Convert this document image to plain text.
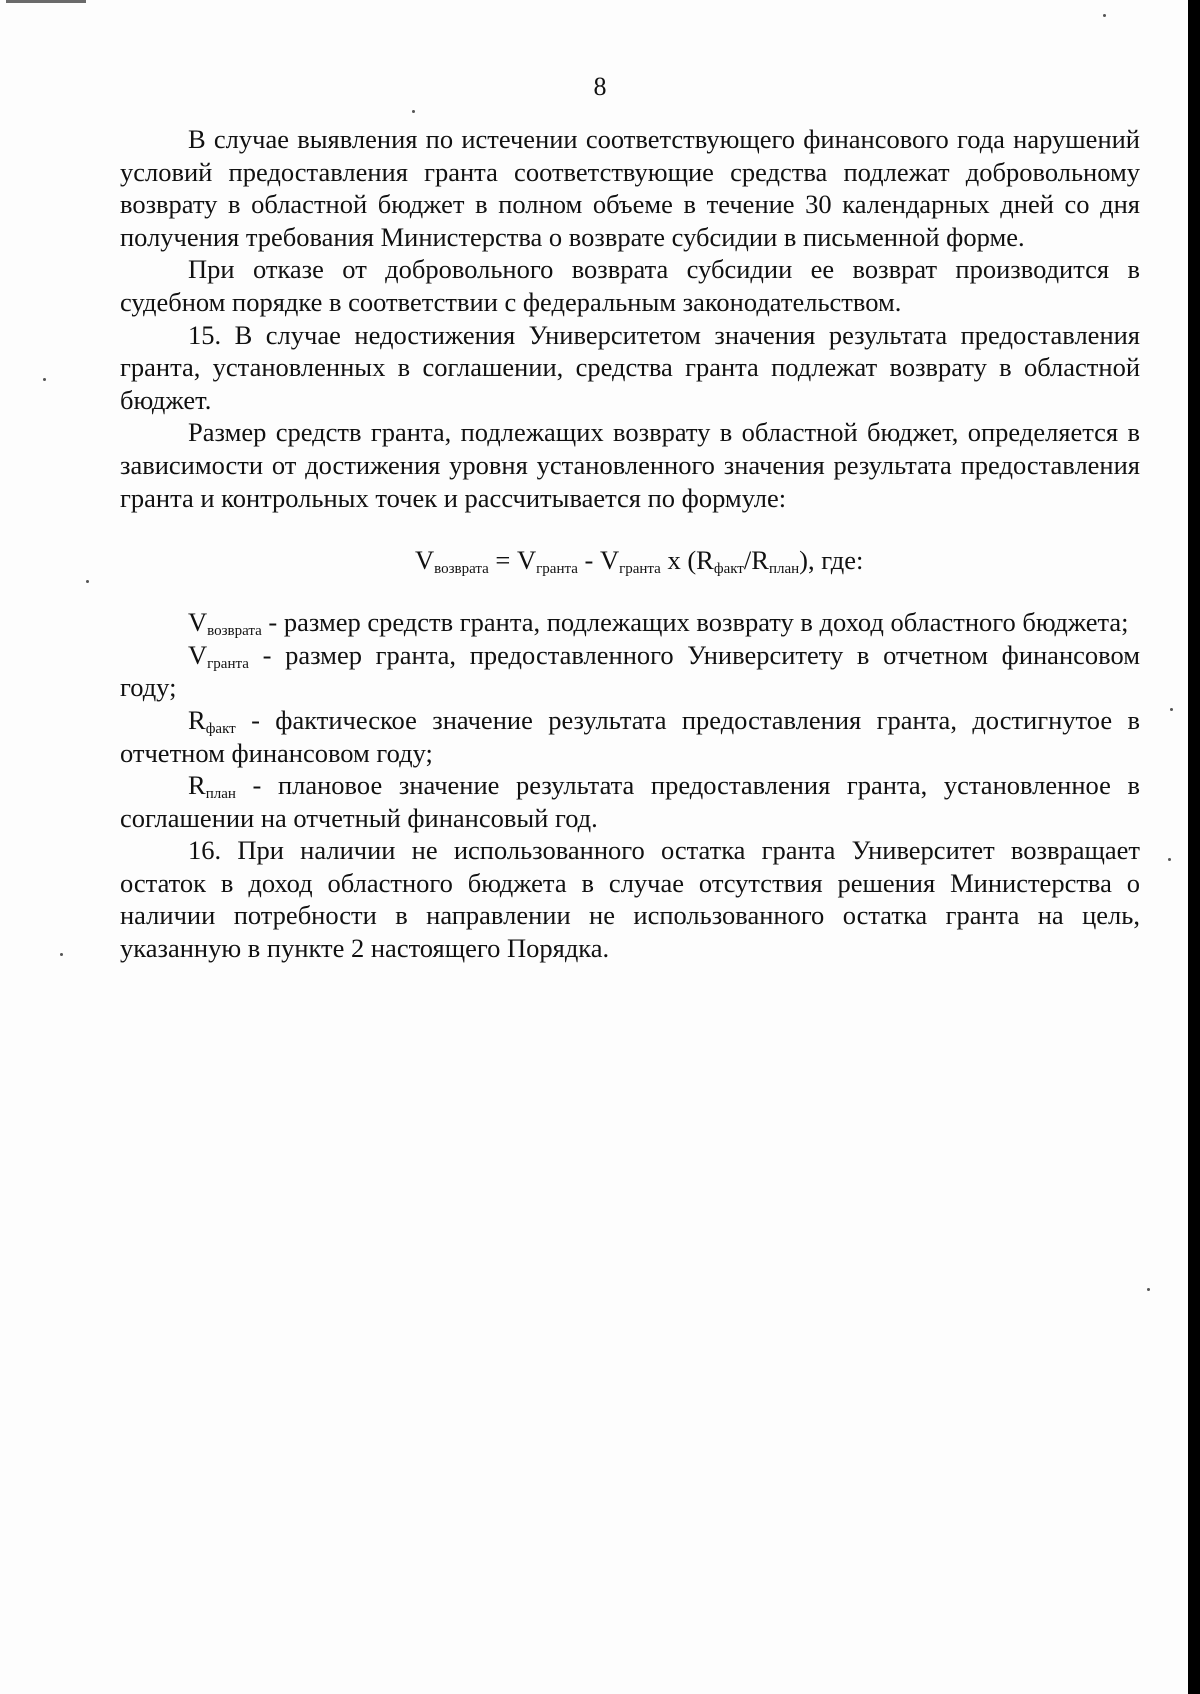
8

В случае выявления по истечении соответствующего финансового года нарушений условий предоставления гранта соответствующие средства подлежат добровольному возврату в областной бюджет в полном объеме в течение 30 календарных дней со дня получения требования Министерства о возврате субсидии в письменной форме.

При отказе от добровольного возврата субсидии ее возврат производится в судебном порядке в соответствии с федеральным законодательством.

15. В случае недостижения Университетом значения результата предоставления гранта, установленных в соглашении, средства гранта подлежат возврату в областной бюджет.

Размер средств гранта, подлежащих возврату в областной бюджет, определяется в зависимости от достижения уровня установленного значения результата предоставления гранта и контрольных точек и рассчитывается по формуле:

$V_{возврата} = V_{гранта} - V_{гранта}$ x $(R_{факт}/R_{план})$, где:

$V_{возврата}$ - размер средств гранта, подлежащих возврату в доход областного бюджета;

$V_{гранта}$ - размер гранта, предоставленного Университету в отчетном финансовом году;

$R_{факт}$ - фактическое значение результата предоставления гранта, достигнутое в отчетном финансовом году;

$R_{план}$ - плановое значение результата предоставления гранта, установленное в соглашении на отчетный финансовый год.

16. При наличии не использованного остатка гранта Университет возвращает остаток в доход областного бюджета в случае отсутствия решения Министерства о наличии потребности в направлении не использованного остатка гранта на цель, указанную в пункте 2 настоящего Порядка.
